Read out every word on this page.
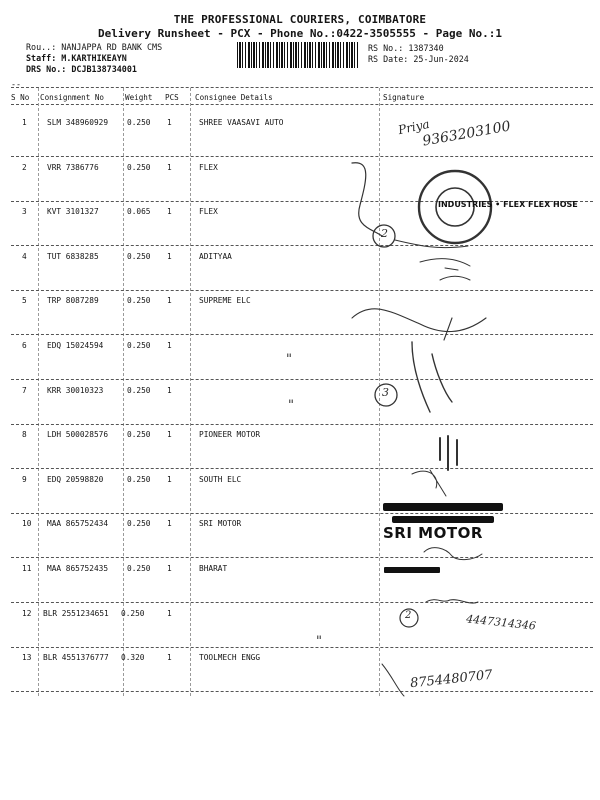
THE PROFESSIONAL COURIERS, COIMBATORE
Delivery Runsheet - PCX - Phone No.:0422-3505555 - Page No.:1
Rou..: NANJAPPA RD BANK CMS
Staff: M.KARTHIKEAYN
DRS No.: DCJB138734001
RS No.: 1387340
RS Date: 25-Jun-2024
--
S No Consignment No	Weight PCS Consignee Details	Signature
1	SLM 348960929 0.250 1	SHREE VAASAVI AUTO
2	VRR 7386776	0.250 1	FLEX
3	KVT 3101327	0.065 1	FLEX
4	TUT 6838285	0.250 1	ADITYAA
5	TRP 8087289	0.250 1	SUPREME ELC
6	EDQ 15024594	0.250 1
7	KRR 30010323	0.250 1
8	LDH 500028576 0.250 1	PIONEER MOTOR
9	EDQ 20598820	0.250 1	SOUTH ELC
10 MAA 865752434 0.250 1	SRI MOTOR
11 MAA 865752435 0.250 1	BHARAT
12 BLR 2551234651 0.250	1
13 BLR 4551376777 0.320	1	TOOLMECH ENGG
INDUSTRIES • FLEX FLEX HOSE
SRI MOTOR
Priya
9363203100
2
3
2	4447314346
8754480707
"
"
"
